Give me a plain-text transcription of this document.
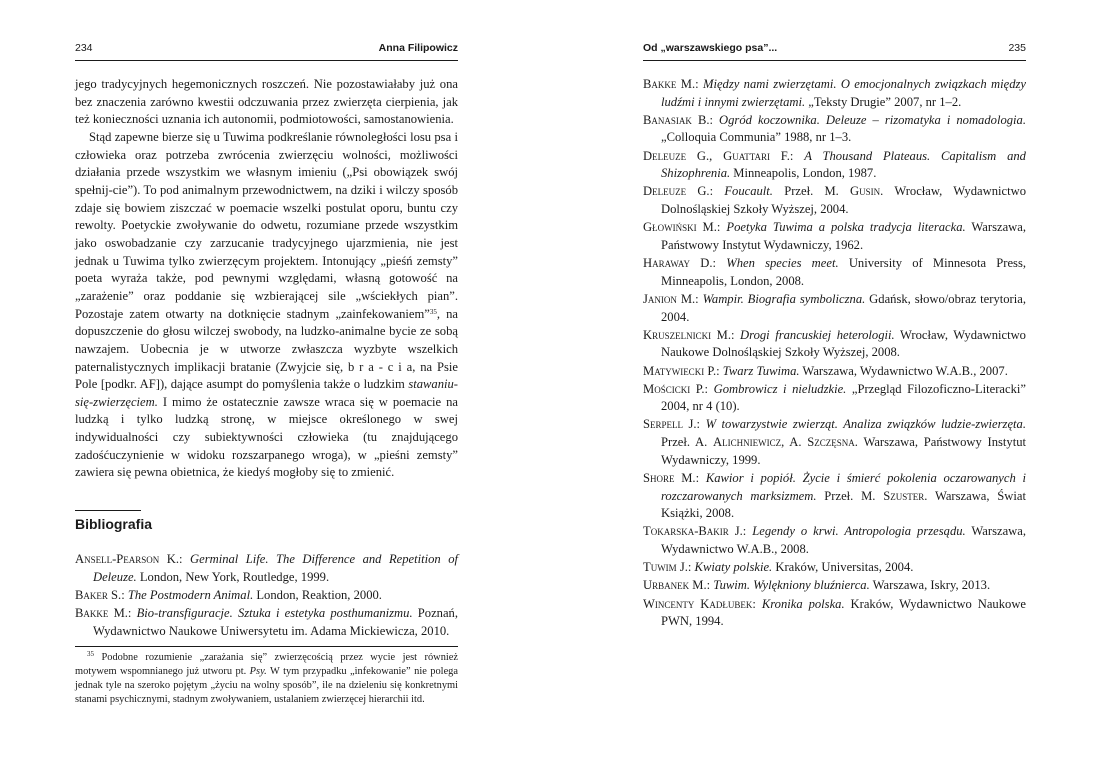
234	Anna Filipowicz

jego tradycyjnych hegemonicznych roszczeń. Nie pozostawiałaby już ona bez znaczenia zarówno kwestii odczuwania przez zwierzęta cierpienia, jak też konieczności uznania ich autonomii, podmiotowości, samostanowienia.

Stąd zapewne bierze się u Tuwima podkreślanie równoległości losu psa i człowieka oraz potrzeba zwrócenia zwierzęciu wolności, możliwości działania przede wszystkim we własnym imieniu („Psi obowiązek swój spełnij-cie”). To pod animalnym przewodnictwem, na dziki i wilczy sposób zdaje się bowiem ziszczać w poemacie wszelki postulat oporu, buntu czy rewolty. Poetyckie zwoływanie do odwetu, rozumiane przede wszystkim jako oswobadzanie czy zarzucanie tradycyjnego ujarzmienia, nie jest jednak u Tuwima tylko zwierzęcym projektem. Intonujący „pieśń zemsty” poeta wyraża także, pod pewnymi względami, własną gotowość na „zarażenie” oraz poddanie się wzbierającej sile „wściekłych pian”. Pozostaje zatem otwarty na dotknięcie stadnym „zainfekowaniem”$^{35}$, na dopuszczenie do głosu wilczej swobody, na ludzko-animalne bycie ze sobą nawzajem. Uobecnia je w utworze zwłaszcza wyzbyte wszelkich paternalistycznych implikacji bratanie (Zwyjcie się, b r a - c i a, na Psie Pole [podkr. AF]), dające asumpt do pomyślenia także o ludzkim stawaniu-się-zwierzęciem. I mimo że ostatecznie zawsze wraca się w poemacie na ludzką i tylko ludzką stronę, w miejsce określonego w swej indywidualności czy subiektywności człowieka (tu znajdującego zadośćuczynienie w widoku rozszarpanego wroga), w „pieśni zemsty” zawiera się pewna obietnica, że kiedyś mogłoby się to zmienić.

Bibliografia

Ansell-Pearson K.: Germinal Life. The Difference and Repetition of Deleuze. London, New York, Routledge, 1999.

Baker S.: The Postmodern Animal. London, Reaktion, 2000.

Bakke M.: Bio-transfiguracje. Sztuka i estetyka posthumanizmu. Poznań, Wydawnictwo Naukowe Uniwersytetu im. Adama Mickiewicza, 2010.

$^{35}$ Podobne rozumienie „zarażania się” zwierzęcością przez wycie jest również motywem wspomnianego już utworu pt. Psy. W tym przypadku „infekowanie” nie polega jednak tyle na szeroko pojętym „życiu na wolny sposób”, ile na dzieleniu się konkretnymi stanami psychicznymi, stadnym zwoływaniem, ustalaniem zwierzęcej hierarchii itd.

Od „warszawskiego psa”...	235

Bakke M.: Między nami zwierzętami. O emocjonalnych związkach między ludźmi i innymi zwierzętami. „Teksty Drugie” 2007, nr 1–2.

Banasiak B.: Ogród koczownika. Deleuze – rizomatyka i nomadologia. „Colloquia Communia” 1988, nr 1–3.

Deleuze G., Guattari F.: A Thousand Plateaus. Capitalism and Shizophrenia. Minneapolis, London, 1987.

Deleuze G.: Foucault. Przeł. M. Gusin. Wrocław, Wydawnictwo Dolnośląskiej Szkoły Wyższej, 2004.

Głowiński M.: Poetyka Tuwima a polska tradycja literacka. Warszawa, Państwowy Instytut Wydawniczy, 1962.

Haraway D.: When species meet. University of Minnesota Press, Minneapolis, London, 2008.

Janion M.: Wampir. Biografia symboliczna. Gdańsk, słowo/obraz terytoria, 2004.

Kruszelnicki M.: Drogi francuskiej heterologii. Wrocław, Wydawnictwo Naukowe Dolnośląskiej Szkoły Wyższej, 2008.

Matywiecki P.: Twarz Tuwima. Warszawa, Wydawnictwo W.A.B., 2007.

Mościcki P.: Gombrowicz i nieludzkie. „Przegląd Filozoficzno-Literacki” 2004, nr 4 (10).

Serpell J.: W towarzystwie zwierząt. Analiza związków ludzie-zwierzęta. Przeł. A. Alichniewicz, A. Szczęsna. Warszawa, Państwowy Instytut Wydawniczy, 1999.

Shore M.: Kawior i popiół. Życie i śmierć pokolenia oczarowanych i rozczarowanych marksizmem. Przeł. M. Szuster. Warszawa, Świat Książki, 2008.

Tokarska-Bakir J.: Legendy o krwi. Antropologia przesądu. Warszawa, Wydawnictwo W.A.B., 2008.

Tuwim J.: Kwiaty polskie. Kraków, Universitas, 2004.

Urbanek M.: Tuwim. Wylękniony bluźnierca. Warszawa, Iskry, 2013.

Wincenty Kadłubek: Kronika polska. Kraków, Wydawnictwo Naukowe PWN, 1994.
